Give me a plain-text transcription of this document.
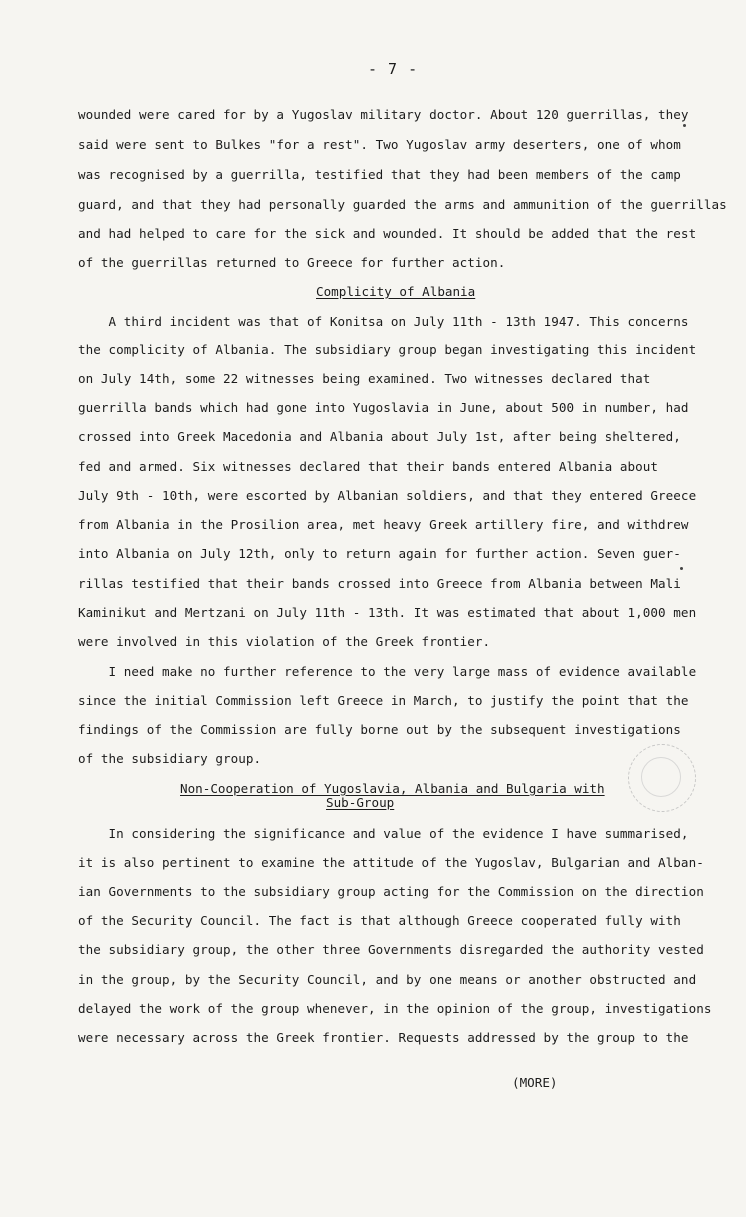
- 7 -
wounded were cared for by a Yugoslav military doctor. About 120 guerrillas, they
said were sent to Bulkes "for a rest". Two Yugoslav army deserters, one of whom
was recognised by a guerrilla, testified that they had been members of the camp
guard, and that they had personally guarded the arms and ammunition of the guerrillas
and had helped to care for the sick and wounded. It should be added that the rest
of the guerrillas returned to Greece for further action.
Complicity of Albania
A third incident was that of Konitsa on July 11th - 13th 1947. This concerns
the complicity of Albania. The subsidiary group began investigating this incident
on July 14th, some 22 witnesses being examined. Two witnesses declared that
guerrilla bands which had gone into Yugoslavia in June, about 500 in number, had
crossed into Greek Macedonia and Albania about July 1st, after being sheltered,
fed and armed. Six witnesses declared that their bands entered Albania about
July 9th - 10th, were escorted by Albanian soldiers, and that they entered Greece
from Albania in the Prosilion area, met heavy Greek artillery fire, and withdrew
into Albania on July 12th, only to return again for further action. Seven guer-
rillas testified that their bands crossed into Greece from Albania between Mali
Kaminikut and Mertzani on July 11th - 13th. It was estimated that about 1,000 men
were involved in this violation of the Greek frontier.
I need make no further reference to the very large mass of evidence available
since the initial Commission left Greece in March, to justify the point that the
findings of the Commission are fully borne out by the subsequent investigations
of the subsidiary group.
Non-Cooperation of Yugoslavia, Albania and Bulgaria with
Sub-Group
In considering the significance and value of the evidence I have summarised,
it is also pertinent to examine the attitude of the Yugoslav, Bulgarian and Alban-
ian Governments to the subsidiary group acting for the Commission on the direction
of the Security Council. The fact is that although Greece cooperated fully with
the subsidiary group, the other three Governments disregarded the authority vested
in the group, by the Security Council, and by one means or another obstructed and
delayed the work of the group whenever, in the opinion of the group, investigations
were necessary across the Greek frontier. Requests addressed by the group to the
(MORE)
